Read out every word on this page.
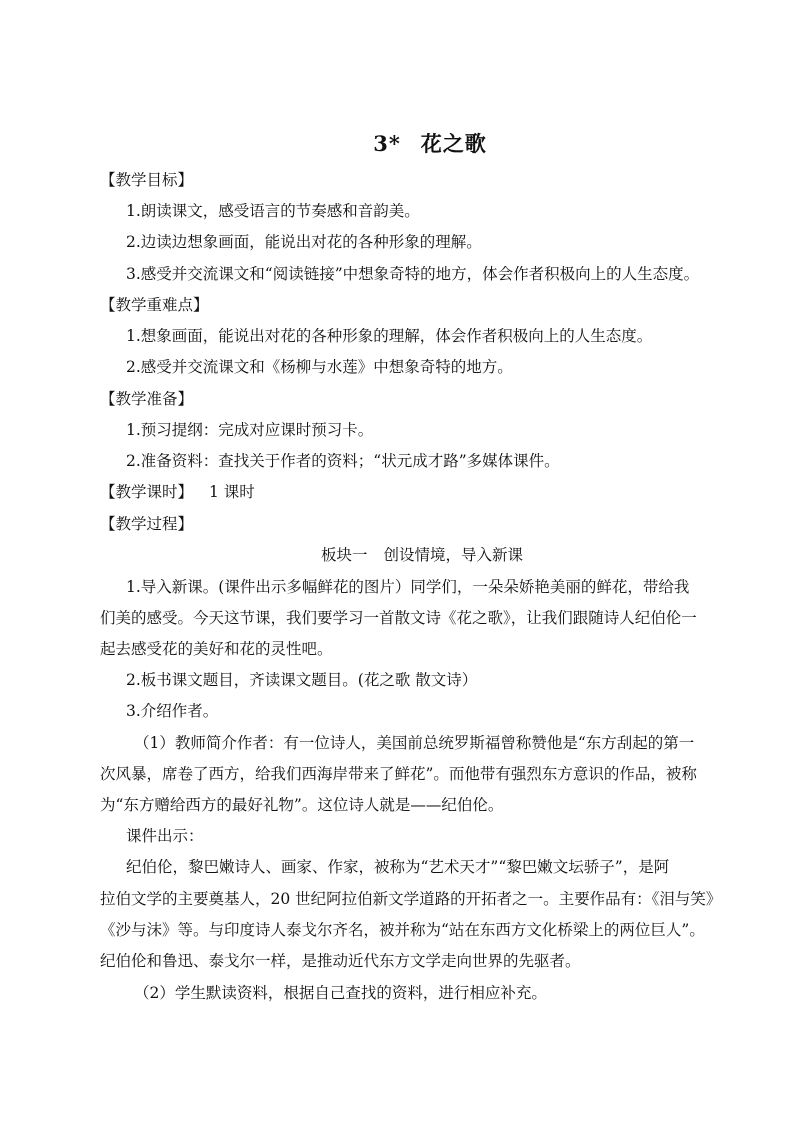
3* 花之歌
【教学目标】
1.朗读课文，感受语言的节奏感和音韵美。
2.边读边想象画面，能说出对花的各种形象的理解。
3.感受并交流课文和“阅读链接”中想象奇特的地方，体会作者积极向上的人生态度。
【教学重难点】
1.想象画面，能说出对花的各种形象的理解，体会作者积极向上的人生态度。
2.感受并交流课文和《杨柳与水莲》中想象奇特的地方。
【教学准备】
1.预习提纲：完成对应课时预习卡。
2.准备资料：查找关于作者的资料；“状元成才路”多媒体课件。
【教学课时】 1 课时
【教学过程】
板块一 创设情境，导入新课
1.导入新课。(课件出示多幅鲜花的图片）同学们，一朵朵娇艳美丽的鲜花，带给我
们美的感受。今天这节课，我们要学习一首散文诗《花之歌》，让我们跟随诗人纪伯伦一
起去感受花的美好和花的灵性吧。
2.板书课文题目，齐读课文题目。(花之歌 散文诗）
3.介绍作者。
（1）教师简介作者：有一位诗人，美国前总统罗斯福曾称赞他是“东方刮起的第一
次风暴，席卷了西方，给我们西海岸带来了鲜花”。而他带有强烈东方意识的作品，被称
为“东方赠给西方的最好礼物”。这位诗人就是——纪伯伦。
课件出示：
纪伯伦，黎巴嫩诗人、画家、作家，被称为“艺术天才”“黎巴嫩文坛骄子”，是阿
拉伯文学的主要奠基人，20 世纪阿拉伯新文学道路的开拓者之一。主要作品有：《泪与笑》
《沙与沫》等。与印度诗人泰戈尔齐名，被并称为“站在东西方文化桥梁上的两位巨人”。
纪伯伦和鲁迅、泰戈尔一样，是推动近代东方文学走向世界的先驱者。
（2）学生默读资料，根据自己查找的资料，进行相应补充。
